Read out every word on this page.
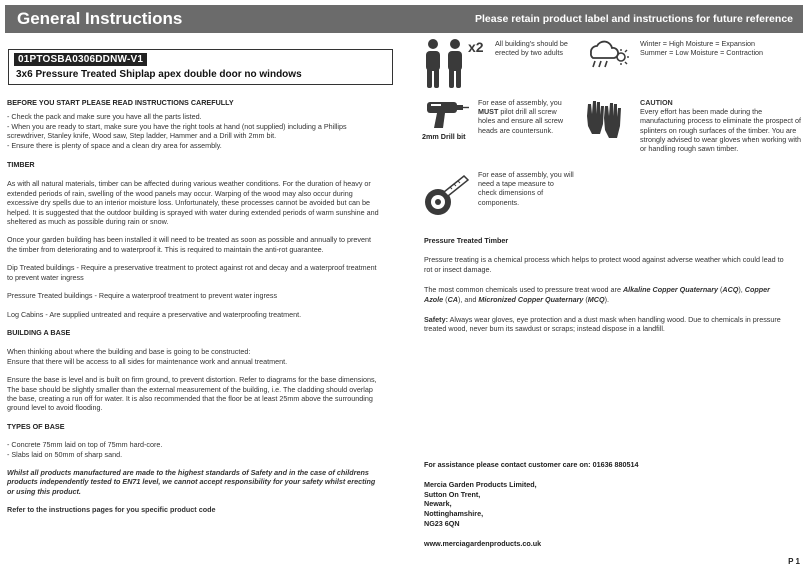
General Instructions	Please retain product label and instructions for future reference
01PTOSBA0306DDNW-V1
3x6 Pressure Treated Shiplap apex double door no windows
BEFORE YOU START PLEASE READ INSTRUCTIONS CAREFULLY

- Check the pack and make sure you have all the parts listed.
- When you are ready to start, make sure you have the right tools at hand (not supplied) including a Phillips screwdriver, Stanley knife, Wood saw, Step ladder, Hammer and a Drill with 2mm bit.
- Ensure there is plenty of space and a clean dry area for assembly.

TIMBER

As with all natural materials, timber can be affected during various weather conditions. For the duration of heavy or extended periods of rain, swelling of the wood panels may occur. Warping of the wood may also occur during excessive dry spells due to an interior moisture loss. Unfortunately, these processes cannot be avoided but can be helped. It is suggested that the outdoor building is sprayed with water during extended periods of warm sunshine and sheltered as much as possible during rain or snow.

Once your garden building has been installed it will need to be treated as soon as possible and annually to prevent the timber from deteriorating and to waterproof it. This is required to maintain the anti-rot guarantee.

Dip Treated buildings - Require a preservative treatment to protect against rot and decay and a waterproof treatment to prevent water ingress

Pressure Treated buildings - Require a waterproof treatment to prevent water ingress

Log Cabins - Are supplied untreated and require a preservative and waterproofing treatment.

BUILDING A BASE

When thinking about where the building and base is going to be constructed:
Ensure that there will be access to all sides for maintenance work and annual treatment.

Ensure the base is level and is built on firm ground, to prevent distortion. Refer to diagrams for the base dimensions, The base should be slightly smaller than the external measurement of the building, i.e. The cladding should overlap the base, creating a run off for water. It is also recommended that the floor be at least 25mm above the surrounding ground level to avoid flooding.

TYPES OF BASE

- Concrete 75mm laid on top of 75mm hard-core.
- Slabs laid on 50mm of sharp sand.

Whilst all products manufactured are made to the highest standards of Safety and in the case of childrens products independently tested to EN71 level, we cannot accept responsibility for your safety whilst erecting or using this product.

Refer to the instructions pages for you specific product code

x2 All building's should be erected by two adults
Winter = High Moisture = Expansion
Summer = Low Moisture = Contraction
2mm Drill bit
For ease of assembly, you MUST pilot drill all screw holes and ensure all screw heads are countersunk.
CAUTION
Every effort has been made during the manufacturing process to eliminate the prospect of splinters on rough surfaces of the timber. You are strongly advised to wear gloves when working with or handling rough sawn timber.
For ease of assembly, you will need a tape measure to check dimensions of components.
Pressure Treated Timber

Pressure treating is a chemical process which helps to protect wood against adverse weather which could lead to rot or insect damage.

The most common chemicals used to pressure treat wood are Alkaline Copper Quaternary (ACQ), Copper Azole (CA), and Micronized Copper Quaternary (MCQ).

Safety: Always wear gloves, eye protection and a dust mask when handling wood. Due to chemicals in pressure treated wood, never burn its sawdust or scraps; instead dispose in a landfill.

For assistance please contact customer care on: 01636 880514
Mercia Garden Products Limited,
Sutton On Trent,
Newark,
Nottinghamshire,
NG23 6QN
www.merciagardenproducts.co.uk
P 1
